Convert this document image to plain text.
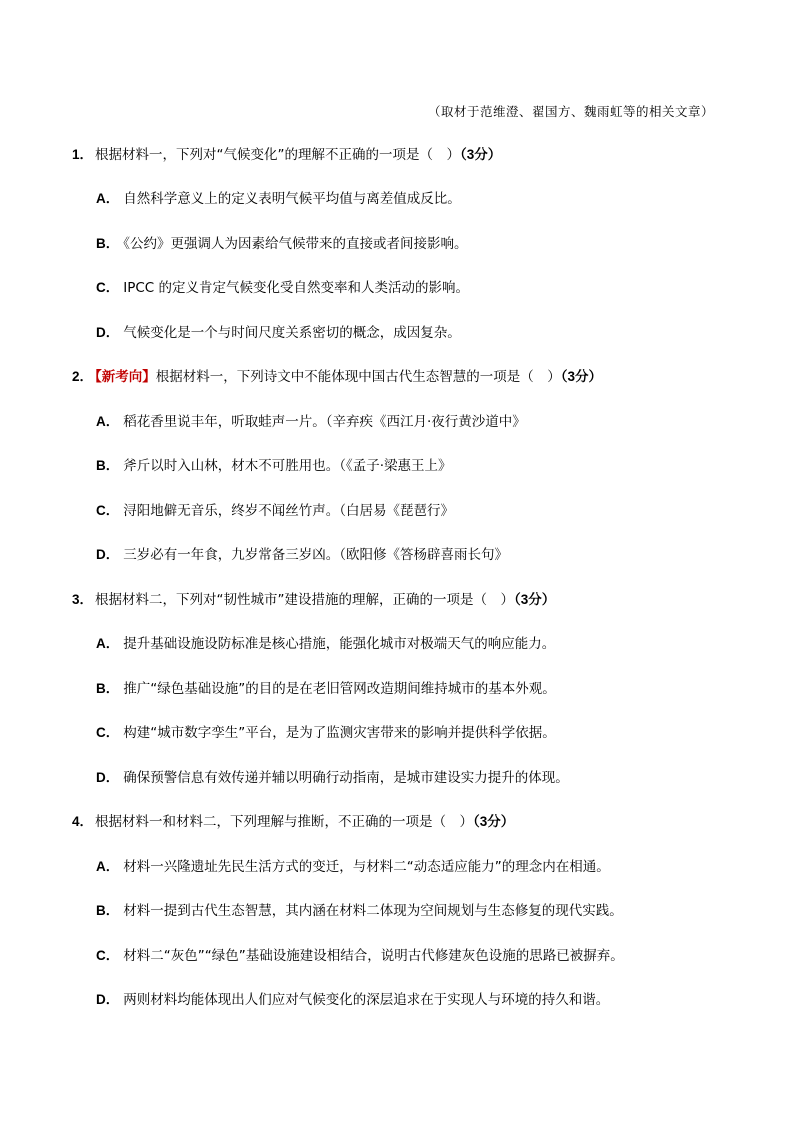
（取材于范维澄、翟国方、魏雨虹等的相关文章）
1． 根据材料一，下列对“气候变化”的理解不正确的一项是（　）（3分）
A． 自然科学意义上的定义表明气候平均值与离差值成反比。
B． 《公约》更强调人为因素给气候带来的直接或者间接影响。
C． IPCC 的定义肯定气候变化受自然变率和人类活动的影响。
D． 气候变化是一个与时间尺度关系密切的概念，成因复杂。
2． 【新考向】根据材料一，下列诗文中不能体现中国古代生态智慧的一项是（　）（3分）
A． 稻花香里说丰年，听取蛙声一片。（辛弃疾《西江月·夜行黄沙道中》
B． 斧斤以时入山林，材木不可胜用也。（《孟子·梁惠王上》
C． 浔阳地僻无音乐，终岁不闻丝竹声。（白居易《琵琶行》
D． 三岁必有一年食，九岁常备三岁凶。（欧阳修《答杨辟喜雨长句》
3． 根据材料二，下列对“韧性城市”建设措施的理解，正确的一项是（　）（3分）
A． 提升基础设施设防标准是核心措施，能强化城市对极端天气的响应能力。
B． 推广“绿色基础设施”的目的是在老旧管网改造期间维持城市的基本外观。
C． 构建“城市数字孪生”平台，是为了监测灾害带来的影响并提供科学依据。
D． 确保预警信息有效传递并辅以明确行动指南，是城市建设实力提升的体现。
4． 根据材料一和材料二，下列理解与推断，不正确的一项是（　）（3分）
A． 材料一兴隆遗址先民生活方式的变迁，与材料二“动态适应能力”的理念内在相通。
B． 材料一提到古代生态智慧，其内涵在材料二体现为空间规划与生态修复的现代实践。
C． 材料二“灰色”“绿色”基础设施建设相结合，说明古代修建灰色设施的思路已被摒弃。
D． 两则材料均能体现出人们应对气候变化的深层追求在于实现人与环境的持久和谐。
